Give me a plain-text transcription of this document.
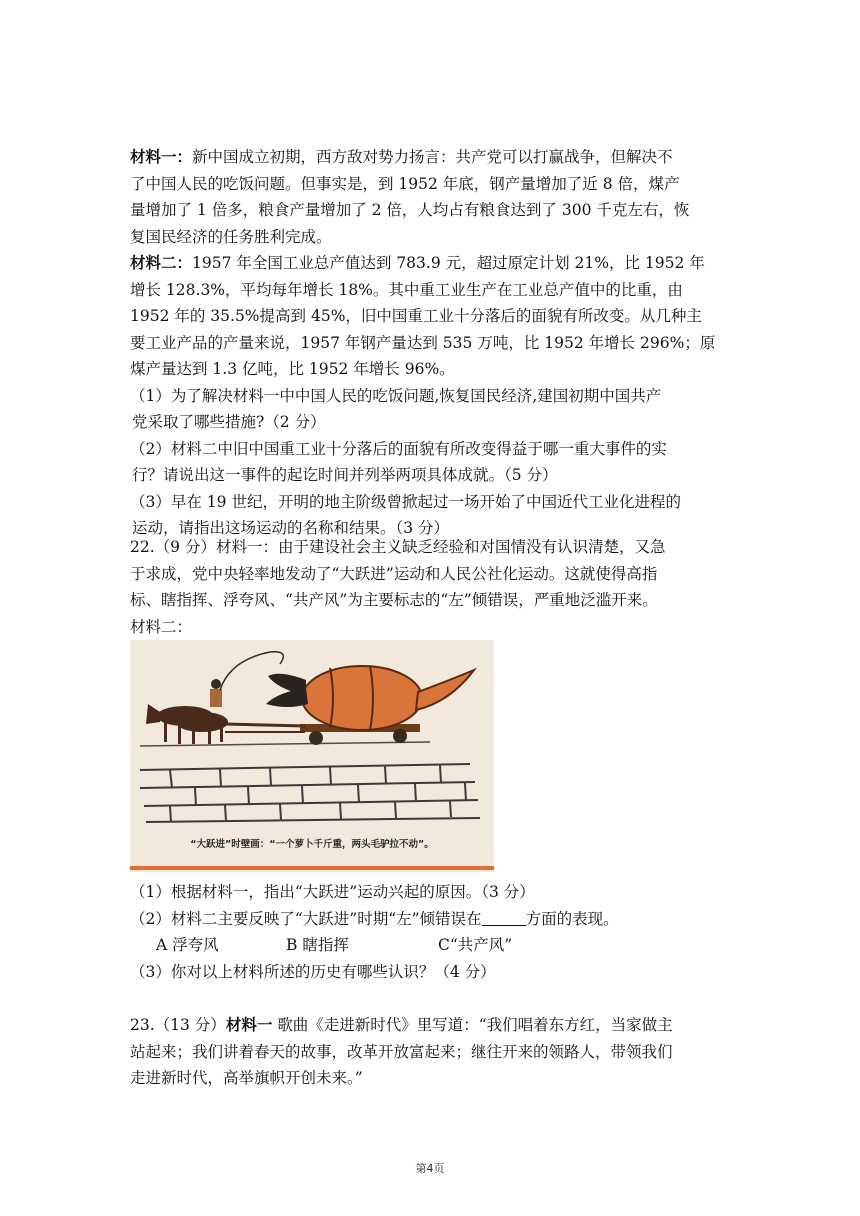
材料一：新中国成立初期，西方敌对势力扬言：共产党可以打赢战争，但解决不
了中国人民的吃饭问题。但事实是，到 1952 年底，钢产量增加了近 8 倍，煤产
量增加了 1 倍多，粮食产量增加了 2 倍，人均占有粮食达到了 300 千克左右，恢
复国民经济的任务胜利完成。
材料二：1957 年全国工业总产值达到 783.9 元，超过原定计划 21%，比 1952 年
增长 128.3%，平均每年增长 18%。其中重工业生产在工业总产值中的比重，由
1952 年的 35.5%提高到 45%，旧中国重工业十分落后的面貌有所改变。从几种主
要工业产品的产量来说，1957 年钢产量达到 535 万吨，比 1952 年增长 296%；原
煤产量达到 1.3 亿吨，比 1952 年增长 96%。
（1）为了解决材料一中中国人民的吃饭问题,恢复国民经济,建国初期中国共产
党采取了哪些措施?（2 分）
（2）材料二中旧中国重工业十分落后的面貌有所改变得益于哪一重大事件的实
行？请说出这一事件的起讫时间并列举两项具体成就。（5 分）
（3）早在 19 世纪，开明的地主阶级曾掀起过一场开始了中国近代工业化进程的
运动，请指出这场运动的名称和结果。（3 分）
22.（9 分）材料一：由于建设社会主义缺乏经验和对国情没有认识清楚，又急
于求成，党中央轻率地发动了“大跃进”运动和人民公社化运动。这就使得高指
标、瞎指挥、浮夸风、“共产风”为主要标志的“左”倾错误，严重地泛滥开来。
材料二：
“大跃进”时壁画：“一个萝卜千斤重，两头毛驴拉不动”。
（1）根据材料一，指出“大跃进”运动兴起的原因。（3 分）
（2）材料二主要反映了“大跃进”时期“左”倾错误在	方面的表现。
A 浮夸风	B 瞎指挥	C“共产风”
（3）你对以上材料所述的历史有哪些认识？（4 分）
23.（13 分）材料一 歌曲《走进新时代》里写道：“我们唱着东方红，当家做主
站起来；我们讲着春天的故事，改革开放富起来；继往开来的领路人，带领我们
走进新时代，高举旗帜开创未来。”
第4页
